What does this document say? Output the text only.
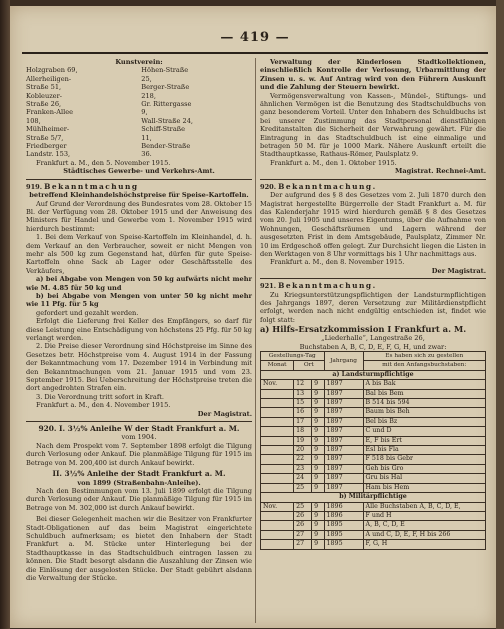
— 419 —
Kunstverein:
Holzgraben 69,
Allerheiligen-Straße 51,
Kobleuzer-Straße 26,
Franken-Allee 108,
Mühlheimer-Straße 5/7,
Friedberger Landstr. 153,
Höhen-Straße 25,
Berger-Straße 218,
Gr. Rittergasse 9,
Wall-Straße 24,
Schiff-Straße 11,
Bender-Straße 36.
Frankfurt a. M., den 5. November 1915.
Städtisches Gewerbe- und Verkehrs-Amt.
919. Bekanntmachung
betreffend Kleinhandelshöchstpreise für Speise-Kartoffeln.

Auf Grund der Verordnung des Bundesrates vom 28. Oktober 15 Bl. der Verfügung vom 28. Oktober 1915 und der Anweisung des Ministers für Handel und Gewerbe vom 1. November 1915 wird hierdurch bestimmt:

1. Bei dem Verkauf von Speise-Kartoffeln im Kleinhandel, d. h. dem Verkauf an den Verbraucher, soweit er nicht Mengen von mehr als 500 kg zum Gegenstand hat, dürfen für gute Speise-Kartoffeln ohne Sack ab Lager oder Geschäftsstelle des Verkäufers,

a) bei Abgabe von Mengen von 50 kg aufwärts nicht mehr wie M. 4.85 für 50 kg und

b) bei Abgabe von Mengen von unter 50 kg nicht mehr wie 11 Pfg. für 5 kg

gefordert und gezahlt werden.

Erfolgt die Lieferung frei Keller des Empfängers, so darf für diese Leistung eine Entschädigung von höchstens 25 Pfg. für 50 kg verlangt werden.

2. Die Preise dieser Verordnung sind Höchstpreise im Sinne des Gesetzes betr. Höchstpreise vom 4. August 1914 in der Fassung der Bekanntmachung vom 17. Dezember 1914 in Verbindung mit den Bekanntmachungen vom 21. Januar 1915 und vom 23. September 1915. Bei Ueberschreitung der Höchstpreise treten die dort angedrohten Strafen ein.

3. Die Verordnung tritt sofort in Kraft.

Frankfurt a. M., den 4. November 1915.
Der Magistrat.
920. I. 3½% Anleihe W der Stadt Frankfurt a. M.
vom 1904.

Nach dem Prospekt vom 7. September 1898 erfolgt die Tilgung durch Verlosung oder Ankauf. Die planmäßige Tilgung für 1915 im Betrage von M. 200,400 ist durch Ankauf bewirkt.

II. 3½% Anleihe der Stadt Frankfurt a. M.
von 1899 (Straßenbahn-Anleihe).

Nach den Bestimmungen vom 13. Juli 1899 erfolgt die Tilgung durch Verlosung oder Ankauf. Die planmäßige Tilgung für 1915 im Betrage von M. 302,000 ist durch Ankauf bewirkt.

Bei dieser Gelegenheit machen wir die Besitzer von Frankfurter Stadt-Obligationen auf das beim Magistrat eingerichtete Schuldbuch aufmerksam; es bietet den Inhabern der Stadt Frankfurt a. M. Stücke unter Hinterlegung bei der Stadthauptkasse in das Stadtschuldbuch eintragen lassen zu können. Die Stadt besorgt alsdann die Auszahlung der Zinsen wie die Einlösung der ausgelosten Stücke. Der Stadt gebührt alsdann die Verwaltung der Stücke.

Verwaltung der Kinderlosen Stadtkollektionen, einschließlich Kontrolle der Verlosung, Urbarmittlung der Zinsen u. s. w. Auf Antrag wird von den Führern Auskunft und die Zahlung der Steuern bewirkt.

Vermögensverwaltung von Kassen-, Mündel-, Stiftungs- und ähnlichen Vermögen ist die Benutzung des Stadtschuldbuchs von ganz besonderem Vorteil. Unter den Inhabern des Schuldbuchs ist bei unserer Zustimmung das Stadtpersonal dienstfähigen Kreditanstalten die Sicherheit der Verwahrung gewährt. Für die Eintragung in das Stadtschuldbuch ist eine einmalige und betragen 50 M. für je 1000 Mark. Nähere Auskunft erteilt die Stadthauptkasse, Rathaus-Römer, Paulsplatz 9.

Frankfurt a. M., den 1. Oktober 1915.
Magistrat. Rechnei-Amt.
920. Bekanntmachung.

Der aufgrund des § 8 des Gesetzes vom 2. Juli 1870 durch den Magistrat hergestellte Bürgerrolle der Stadt Frankfurt a. M. für das Kalenderjahr 1915 wird hierdurch gemäß § 8 des Gesetzes vom 20. Juli 1905 und unseres Eigentums, über die Aufnahme von Wohnungen, Geschäftsräumen und Lagern während der ausgesetzten Frist in dem Amtsgebäude, Paulsplatz, Zimmer Nr. 10 im Erdgeschoß offen gelegt. Zur Durchsicht liegen die Listen in den Werktagen von 8 Uhr vormittags bis 1 Uhr nachmittags aus.

Frankfurt a. M., den 8. November 1915.
Der Magistrat.
921. Bekanntmachung.

Zu Kriegsunterstützungspflichtigen der Landsturmpflichtigen des Jahrgangs 1897, deren Versetzung zur Militärdienstpflicht erfolgt, werden nach nicht endgültig entschieden ist, findet wie folgt statt:

a) Hilfs-Ersatzkommission I Frankfurt a. M.
„Liederhalle“, Langestraße 26,
Buchstaben A, B, C, D, E, F, G, H, und zwar:
Gestellungs-Tag			Jahrgang	Es haben sich zu gestellen
Monat	Ort			mit den Anfangsbuchstaben:
a) Landsturmpflichtige				
Nov.	12	9	1897	A bis Bak
	13	9	1897	Bal bis Bem
	15	9	1897	B 514 bis 594
	16	9	1897	Baum bis Beh
	17	9	1897	Bel bis Bz
	18	9	1897	C und D
	19	9	1897	E, F bis Ert
	20	9	1897	Esl bis Fla
	22	9	1897	F 518 bis Gebr
	23	9	1897	Geh bis Gro
	24	9	1897	Gru bis Hal
	25	9	1897	Ham bis Hem
b) Militärpflichtige				
Nov.	25	9	1896	Alle Buchstaben A, B, C, D, E,
	26	9	1896	F und H
	26	9	1895	A, B, C, D, E
	27	9	1895	A und C, D, E, F, H bis 266
	27	9	1895	F, G, H
